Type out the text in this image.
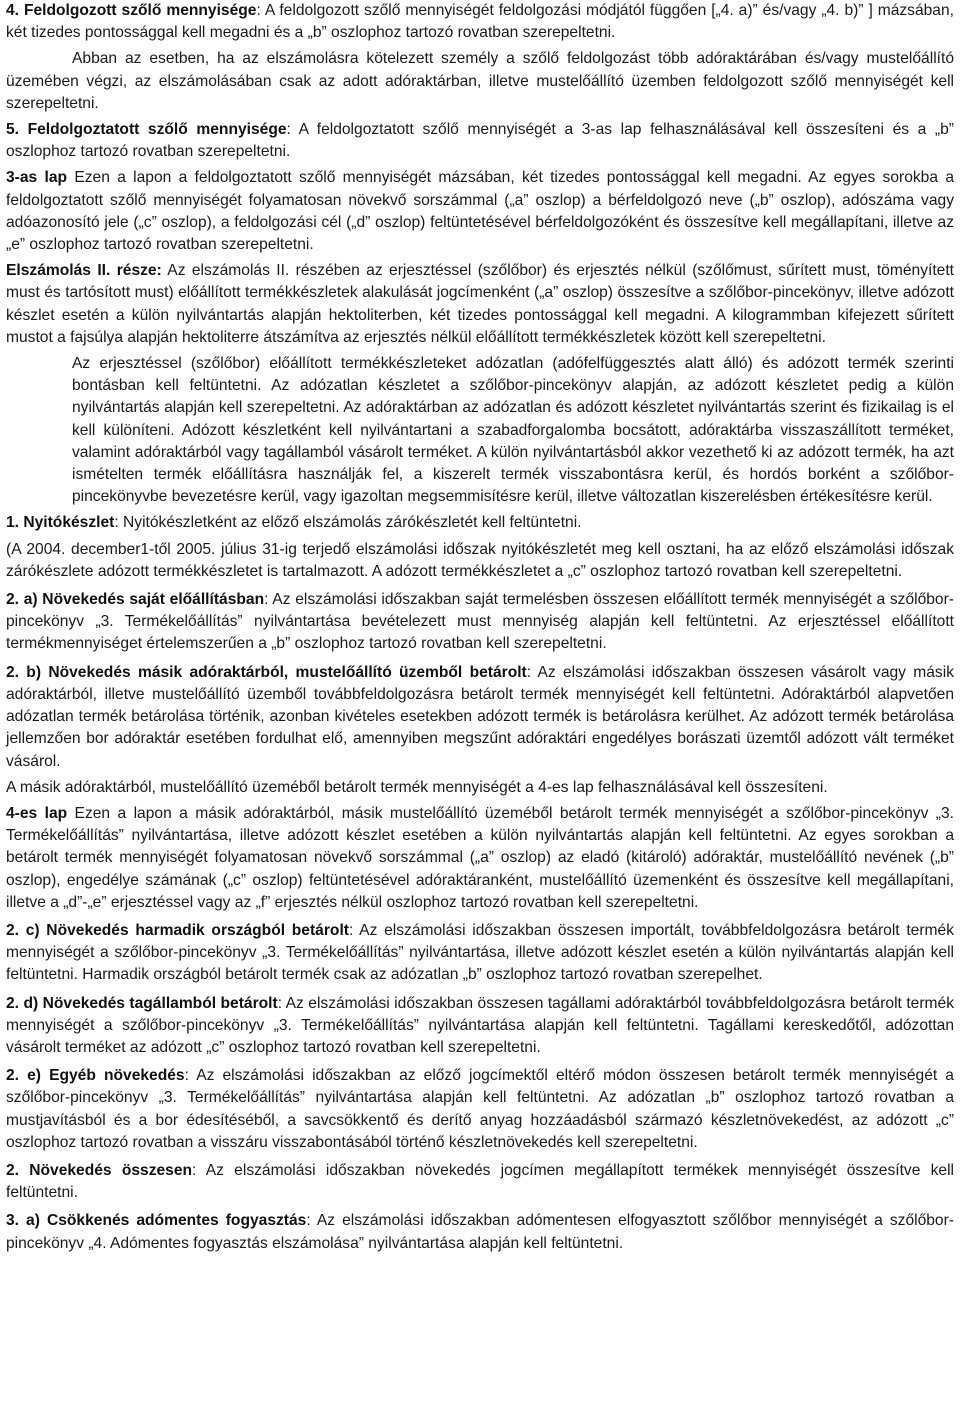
4. Feldolgozott szőlő mennyisége: A feldolgozott szőlő mennyiségét feldolgozási módjától függően [„4. a)” és/vagy „4. b)” ] mázsában, két tizedes pontossággal kell megadni és a „b” oszlophoz tartozó rovatban szerepeltetni.

Abban az esetben, ha az elszámolásra kötelezett személy a szőlő feldolgozást több adóraktárában és/vagy mustelőállító üzemében végzi, az elszámolásában csak az adott adóraktárban, illetve mustelőállító üzemben feldolgozott szőlő mennyiségét kell szerepeltetni.

5. Feldolgoztatott szőlő mennyisége: A feldolgoztatott szőlő mennyiségét a 3-as lap felhasználásával kell összesíteni és a „b” oszlophoz tartozó rovatban szerepeltetni.

3-as lap Ezen a lapon a feldolgoztatott szőlő mennyiségét mázsában, két tizedes pontossággal kell megadni. Az egyes sorokba a feldolgoztatott szőlő mennyiségét folyamatosan növekvő sorszámmal („a” oszlop) a bérfeldolgozó neve („b” oszlop), adószáma vagy adóazonosító jele („c” oszlop), a feldolgozási cél („d” oszlop) feltüntetésével bérfeldolgozóként és összesítve kell megállapítani, illetve az „e” oszlophoz tartozó rovatban szerepeltetni.

Elszámolás II. része: Az elszámolás II. részében az erjesztéssel (szőlőbor) és erjesztés nélkül (szőlőmust, sűrített must, töményített must és tartósított must) előállított termékkészletek alakulását jogcímenként („a” oszlop) összesítve a szőlőbor-pincekönyv, illetve adózott készlet esetén a külön nyilvántartás alapján hektoliterben, két tizedes pontossággal kell megadni. A kilogrammban kifejezett sűrített mustot a fajsúlya alapján hektoliterre átszámítva az erjesztés nélkül előállított termékkészletek között kell szerepeltetni.

Az erjesztéssel (szőlőbor) előállított termékkészleteket adózatlan (adófelfüggesztés alatt álló) és adózott termék szerinti bontásban kell feltüntetni. Az adózatlan készletet a szőlőbor-pincekönyv alapján, az adózott készletet pedig a külön nyilvántartás alapján kell szerepeltetni. Az adóraktárban az adózatlan és adózott készletet nyilvántartás szerint és fizikailag is el kell különíteni. Adózott készletként kell nyilvántartani a szabadforgalomba bocsátott, adóraktárba visszaszállított terméket, valamint adóraktárból vagy tagállamból vásárolt terméket. A külön nyilvántartásból akkor vezethető ki az adózott termék, ha azt ismételten termék előállításra használják fel, a kiszerelt termék visszabontásra kerül, és hordós borként a szőlőbor-pincekönyvbe bevezetésre kerül, vagy igazoltan megsemmisítésre kerül, illetve változatlan kiszerelésben értékesítésre kerül.

1. Nyitókészlet: Nyitókészletként az előző elszámolás zárókészletét kell feltüntetni.

(A 2004. december1-től 2005. július 31-ig terjedő elszámolási időszak nyitókészletét meg kell osztani, ha az előző elszámolási időszak zárókészlete adózott termékkészletet is tartalmazott. A adózott termékkészletet a „c” oszlophoz tartozó rovatban kell szerepeltetni.

2. a) Növekedés saját előállításban: Az elszámolási időszakban saját termelésben összesen előállított termék mennyiségét a szőlőbor-pincekönyv „3. Termékelőállítás” nyilvántartása bevételezett must mennyiség alapján kell feltüntetni. Az erjesztéssel előállított termékmennyiséget értelemszerűen a „b” oszlophoz tartozó rovatban kell szerepeltetni.

2. b) Növekedés másik adóraktárból, mustelőállító üzemből betárolt: Az elszámolási időszakban összesen vásárolt vagy másik adóraktárból, illetve mustelőállító üzemből továbbfeldolgozásra betárolt termék mennyiségét kell feltüntetni. Adóraktárból alapvetően adózatlan termék betárolása történik, azonban kivételes esetekben adózott termék is betárolásra kerülhet. Az adózott termék betárolása jellemzően bor adóraktár esetében fordulhat elő, amennyiben megszűnt adóraktári engedélyes borászati üzemtől adózott vált terméket vásárol.

A másik adóraktárból, mustelőállító üzeméből betárolt termék mennyiségét a 4-es lap felhasználásával kell összesíteni.

4-es lap Ezen a lapon a másik adóraktárból, másik mustelőállító üzeméből betárolt termék mennyiségét a szőlőbor-pincekönyv „3. Termékelőállítás” nyilvántartása, illetve adózott készlet esetében a külön nyilvántartás alapján kell feltüntetni. Az egyes sorokban a betárolt termék mennyiségét folyamatosan növekvő sorszámmal („a” oszlop) az eladó (kitároló) adóraktár, mustelőállító nevének („b” oszlop), engedélye számának („c” oszlop) feltüntetésével adóraktáranként, mustelőállító üzemenként és összesítve kell megállapítani, illetve a „d”-„e” erjesztéssel vagy az „f” erjesztés nélkül oszlophoz tartozó rovatban kell szerepeltetni.

2. c) Növekedés harmadik országból betárolt: Az elszámolási időszakban összesen importált, továbbfeldolgozásra betárolt termék mennyiségét a szőlőbor-pincekönyv „3. Termékelőállítás” nyilvántartása, illetve adózott készlet esetén a külön nyilvántartás alapján kell feltüntetni. Harmadik országból betárolt termék csak az adózatlan „b” oszlophoz tartozó rovatban szerepelhet.

2. d) Növekedés tagállamból betárolt: Az elszámolási időszakban összesen tagállami adóraktárból továbbfeldolgozásra betárolt termék mennyiségét a szőlőbor-pincekönyv „3. Termékelőállítás” nyilvántartása alapján kell feltüntetni. Tagállami kereskedőtől, adózottan vásárolt terméket az adózott „c” oszlophoz tartozó rovatban kell szerepeltetni.

2. e) Egyéb növekedés: Az elszámolási időszakban az előző jogcímektől eltérő módon összesen betárolt termék mennyiségét a szőlőbor-pincekönyv „3. Termékelőállítás” nyilvántartása alapján kell feltüntetni. Az adózatlan „b” oszlophoz tartozó rovatban a mustjavításból és a bor édesítéséből, a savcsökkentő és derítő anyag hozzáadásból származó készletnövekedést, az adózott „c” oszlophoz tartozó rovatban a visszáru visszabontásából történő készletnövekedés kell szerepeltetni.

2. Növekedés összesen: Az elszámolási időszakban növekedés jogcímen megállapított termékek mennyiségét összesítve kell feltüntetni.

3. a) Csökkenés adómentes fogyasztás: Az elszámolási időszakban adómentesen elfogyasztott szőlőbor mennyiségét a szőlőbor-pincekönyv „4. Adómentes fogyasztás elszámolása” nyilvántartása alapján kell feltüntetni.
